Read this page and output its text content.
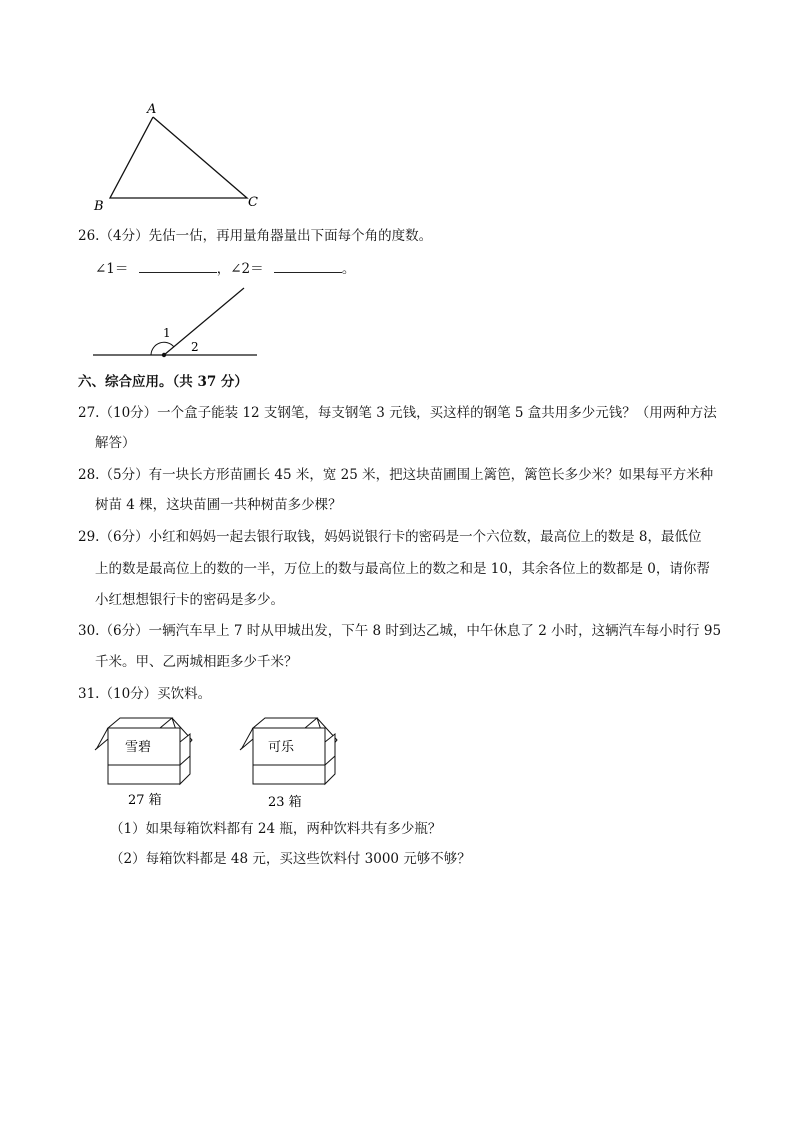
A
B	C
26.（4分）先估一估，再用量角器量出下面每个角的度数。
∠1＝	，∠2＝	。
1
2
六、综合应用。（共 37 分）
27.（10分）一个盒子能装 12 支钢笔，每支钢笔 3 元钱，买这样的钢笔 5 盒共用多少元钱？（用两种方法
解答）
28.（5分）有一块长方形苗圃长 45 米，宽 25 米，把这块苗圃围上篱笆，篱笆长多少米？如果每平方米种
树苗 4 棵，这块苗圃一共种树苗多少棵？
29.（6分）小红和妈妈一起去银行取钱，妈妈说银行卡的密码是一个六位数，最高位上的数是 8，最低位
上的数是最高位上的数的一半，万位上的数与最高位上的数之和是 10，其余各位上的数都是 0，请你帮
小红想想银行卡的密码是多少。
30.（6分）一辆汽车早上 7 时从甲城出发，下午 8 时到达乙城，中午休息了 2 小时，这辆汽车每小时行 95
千米。甲、乙两城相距多少千米？
31.（10分）买饮料。
雪碧
27 箱
可乐
23 箱
（1）如果每箱饮料都有 24 瓶，两种饮料共有多少瓶？
（2）每箱饮料都是 48 元，买这些饮料付 3000 元够不够？
